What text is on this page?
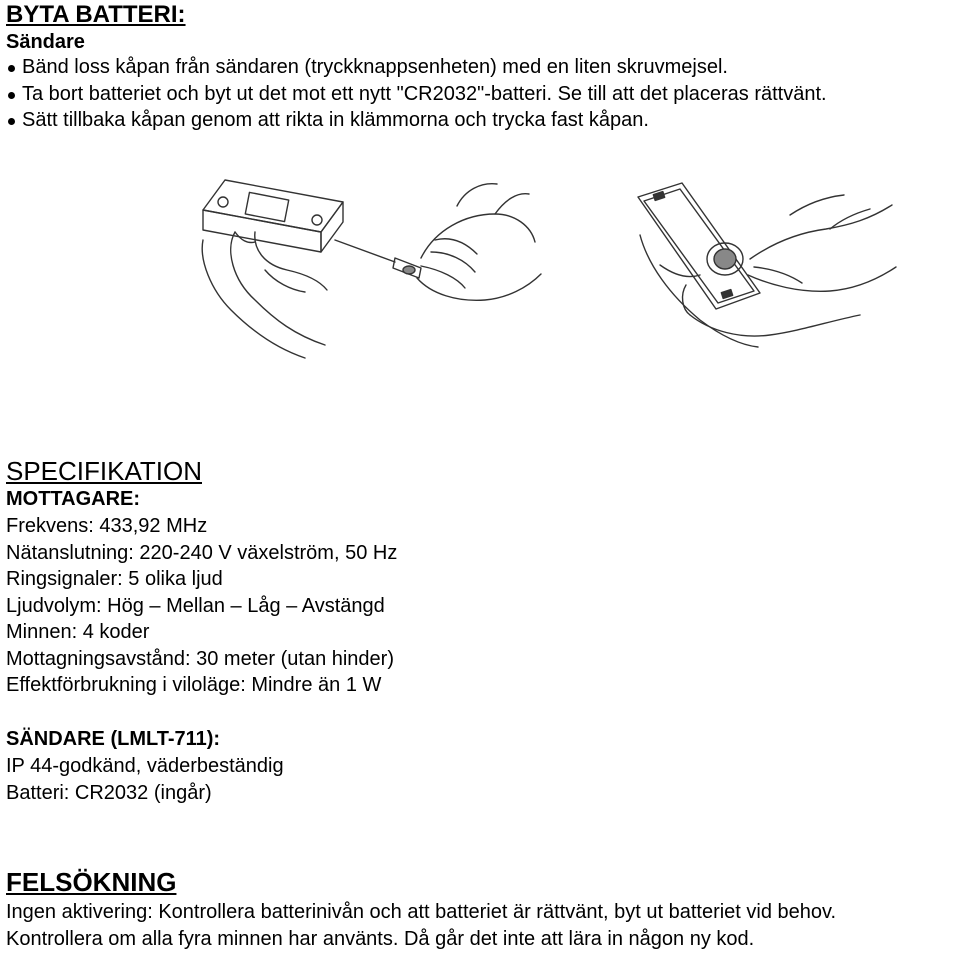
BYTA BATTERI:
Sändare
Bänd loss kåpan från sändaren (tryckknappsenheten) med en liten skruvmejsel.
Ta bort batteriet och byt ut det mot ett nytt "CR2032"-batteri. Se till att det placeras rättvänt.
Sätt tillbaka kåpan genom att rikta in klämmorna och trycka fast kåpan.
SPECIFIKATION
MOTTAGARE:
Frekvens: 433,92 MHz
Nätanslutning: 220-240 V växelström, 50 Hz
Ringsignaler: 5 olika ljud
Ljudvolym: Hög – Mellan – Låg – Avstängd
Minnen: 4 koder
Mottagningsavstånd: 30 meter (utan hinder)
Effektförbrukning i viloläge: Mindre än 1 W
SÄNDARE (LMLT-711):
IP 44-godkänd, väderbeständig
Batteri: CR2032 (ingår)
FELSÖKNING
Ingen aktivering: Kontrollera batterinivån och att batteriet är rättvänt, byt ut batteriet vid behov.
Kontrollera om alla fyra minnen har använts. Då går det inte att lära in någon ny kod.
